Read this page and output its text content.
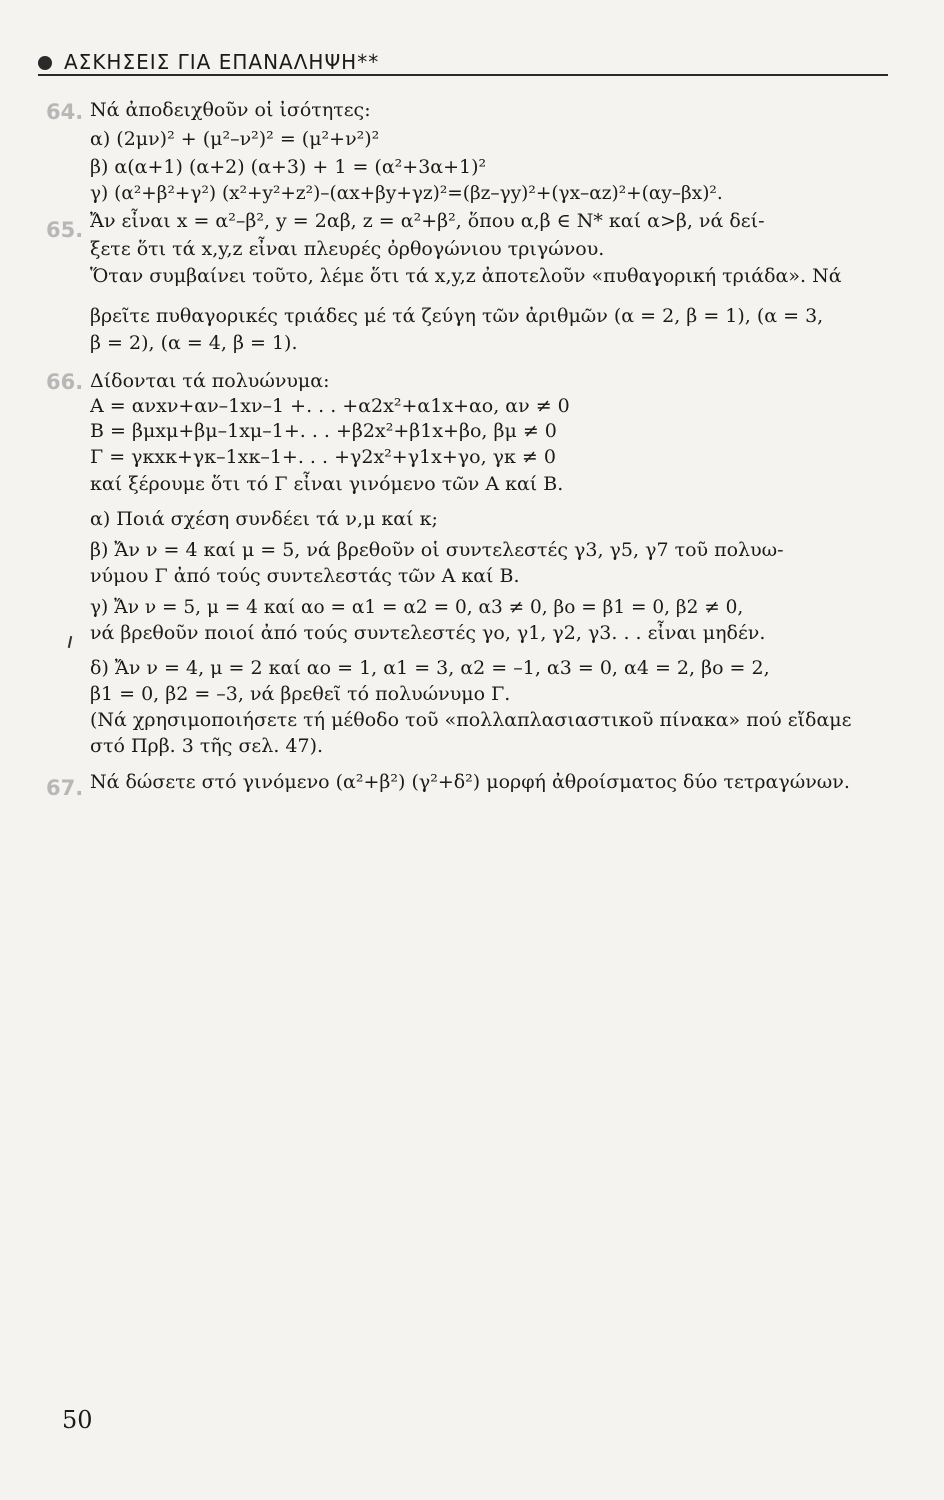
ΑΣΚΗΣΕΙΣ ΓΙΑ ΕΠΑΝΑΛΗΨΗ**
64. Νά ἀποδειχθοῦν οἱ ἰσότητες:
α) (2μν)² + (μ²–ν²)² = (μ²+ν²)²
β) α(α+1) (α+2) (α+3) + 1 = (α²+3α+1)²
γ) (α²+β²+γ²) (x²+y²+z²)–(αx+βy+γz)²=(βz–γy)²+(γx–αz)²+(αy–βx)².
65. Ἄν εἶναι x = α²–β², y = 2αβ, z = α²+β², ὅπου α,β ∈ N* καί α>β, νά δεί-
ξετε ὅτι τά x,y,z εἶναι πλευρές ὀρθογώνιου τριγώνου.
Ὅταν συμβαίνει τοῦτο, λέμε ὅτι τά x,y,z ἀποτελοῦν «πυθαγορική τριάδα». Νά
βρεῖτε πυθαγορικές τριάδες μέ τά ζεύγη τῶν ἀριθμῶν (α = 2, β = 1), (α = 3,
β = 2), (α = 4, β = 1).
66. Δίδονται τά πολυώνυμα:
Α = ανxν+αν–1xν–1 +. . . +α2x²+α1x+αο, αν ≠ 0
Β = βμxμ+βμ–1xμ–1+. . . +β2x²+β1x+βο, βμ ≠ 0
Γ = γκxκ+γκ–1xκ–1+. . . +γ2x²+γ1x+γο, γκ ≠ 0
καί ξέρουμε ὅτι τό Γ εἶναι γινόμενο τῶν Α καί Β.
α) Ποιά σχέση συνδέει τά ν,μ καί κ;
β) Ἄν ν = 4 καί μ = 5, νά βρεθοῦν οἱ συντελεστές γ3, γ5, γ7 τοῦ πολυω-
νύμου Γ ἀπό τούς συντελεστάς τῶν Α καί Β.
γ) Ἄν ν = 5, μ = 4 καί αο = α1 = α2 = 0, α3 ≠ 0, βο = β1 = 0, β2 ≠ 0,
νά βρεθοῦν ποιοί ἀπό τούς συντελεστές γο, γ1, γ2, γ3. . . εἶναι μηδέν.
δ) Ἄν ν = 4, μ = 2 καί αο = 1, α1 = 3, α2 = –1, α3 = 0, α4 = 2, βο = 2,
β1 = 0, β2 = –3, νά βρεθεῖ τό πολυώνυμο Γ.
(Νά χρησιμοποιήσετε τή μέθοδο τοῦ «πολλαπλασιαστικοῦ πίνακα» πού εἴδαμε
στό Πρβ. 3 τῆς σελ. 47).
67. Νά δώσετε στό γινόμενο (α²+β²) (γ²+δ²) μορφή ἀθροίσματος δύο τετραγώνων.
50
